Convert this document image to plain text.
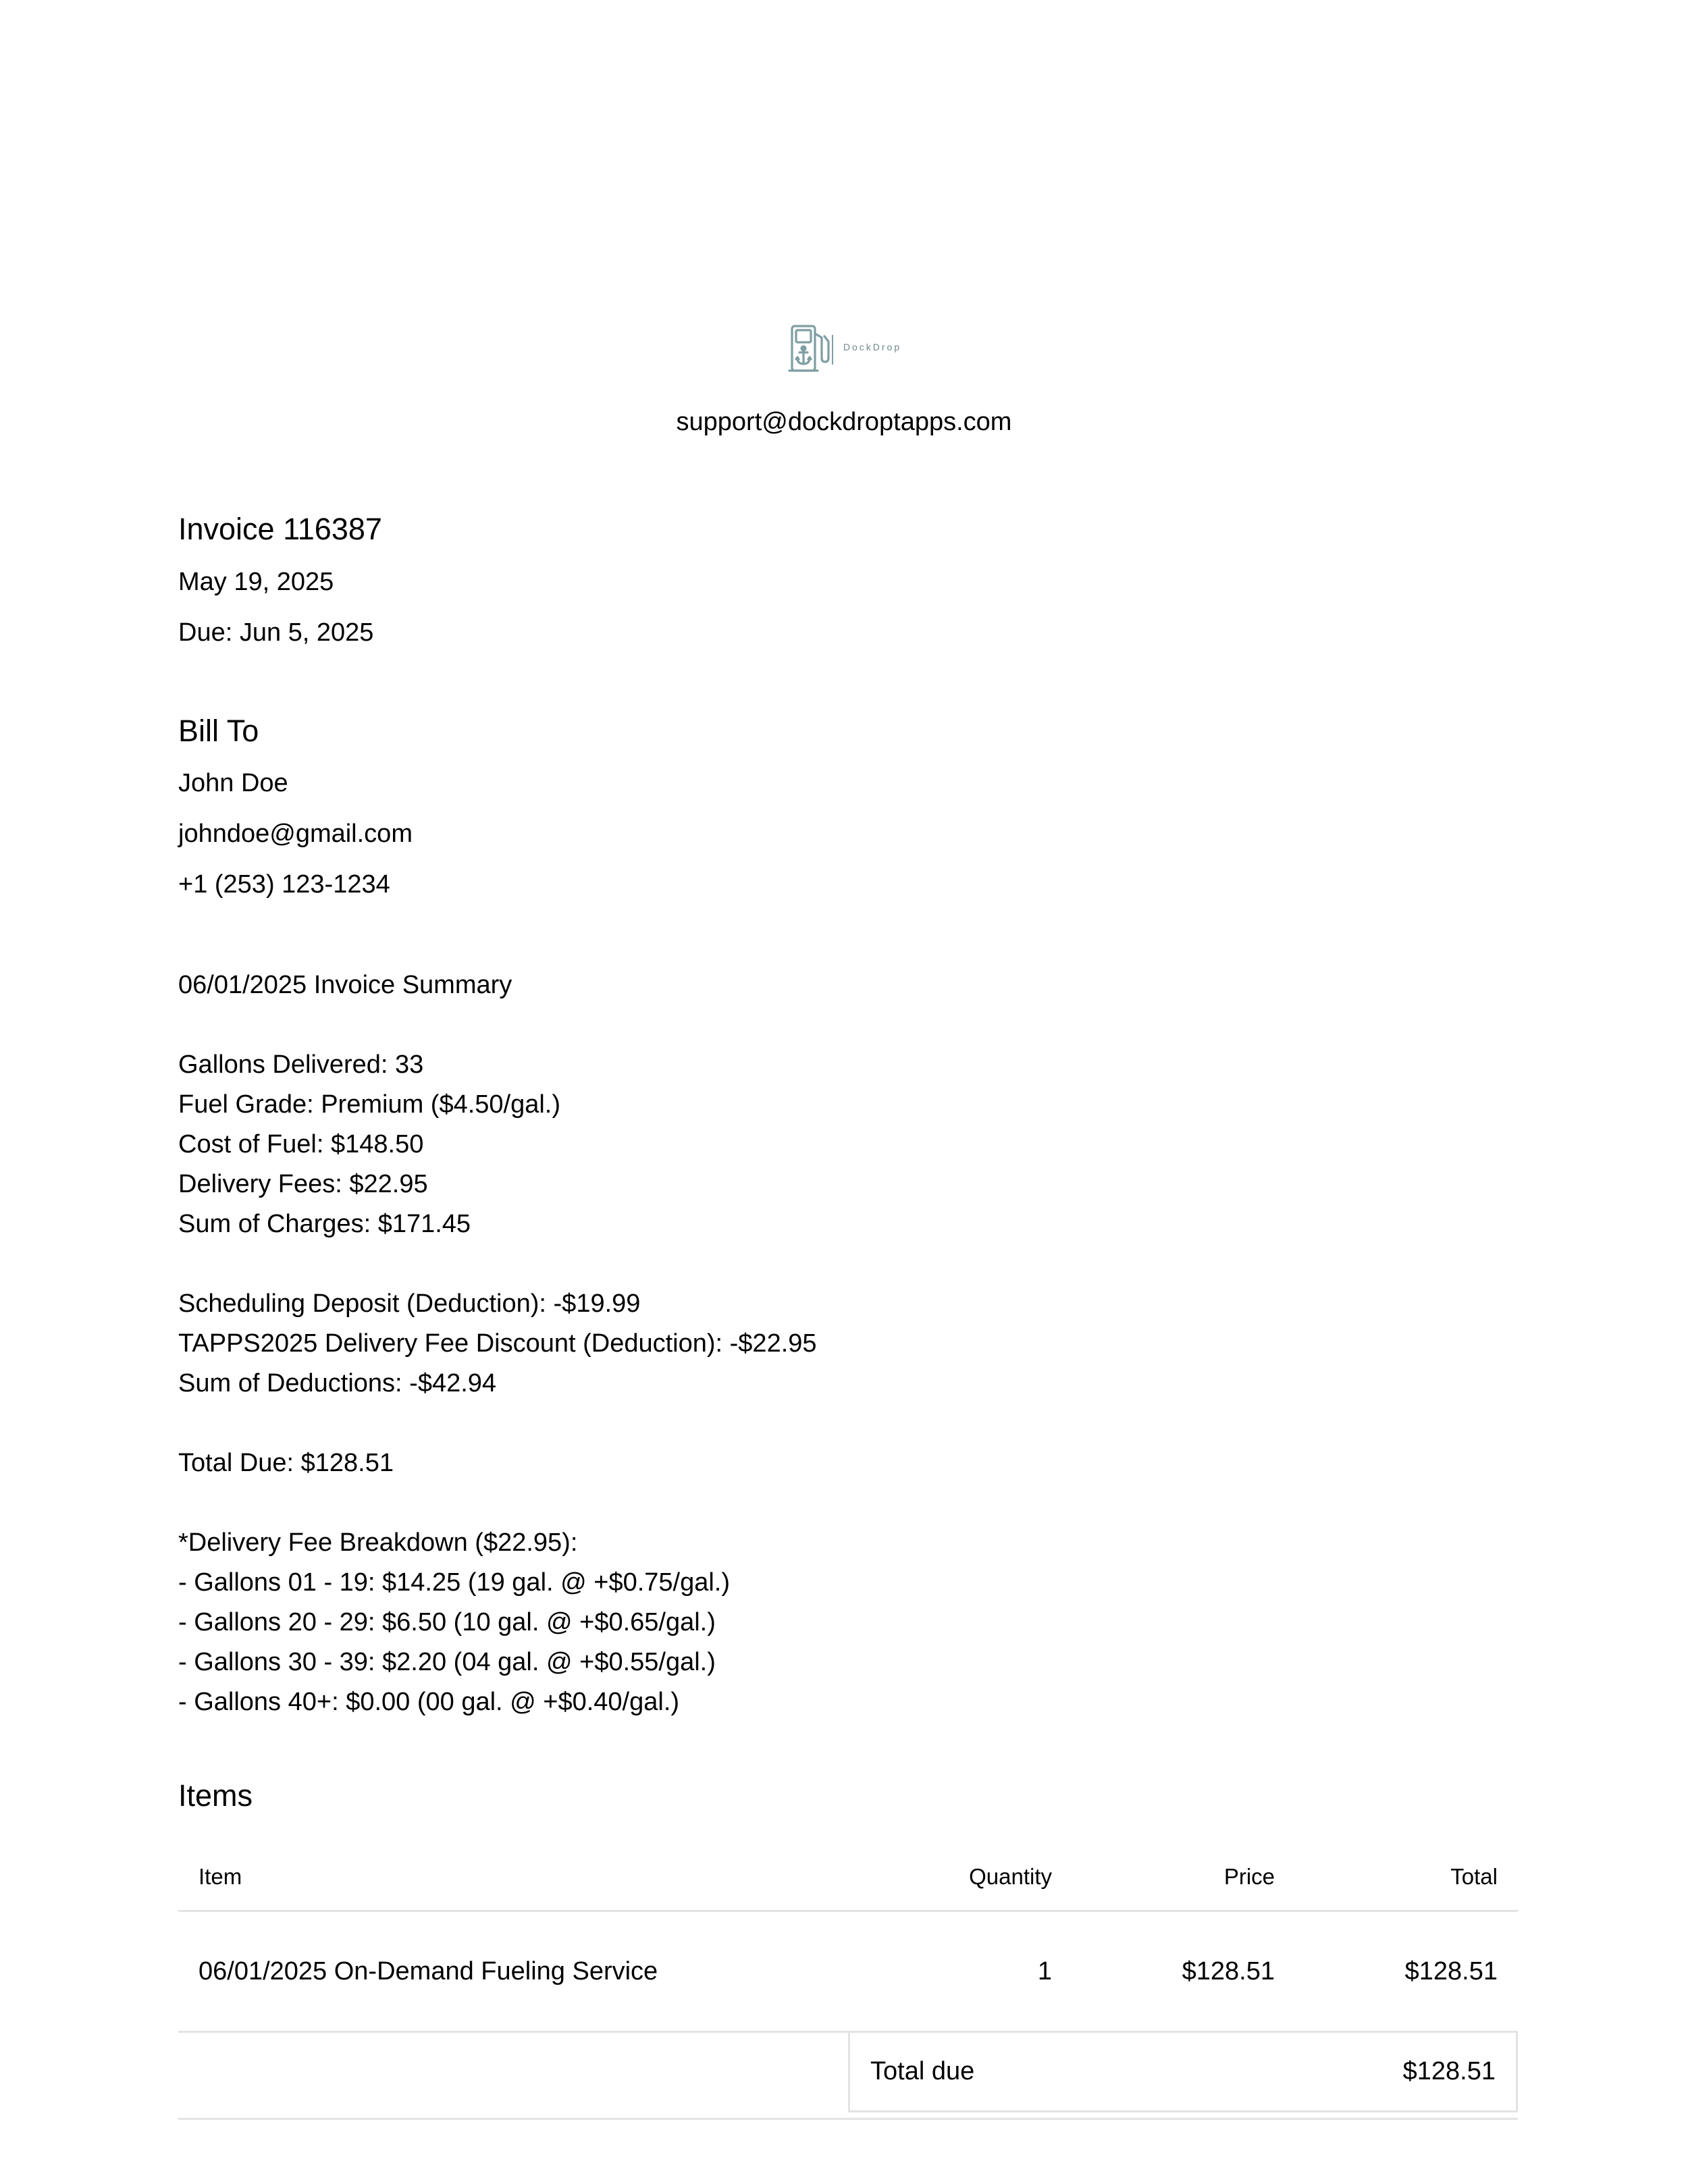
DockDrop
support@dockdroptapps.com
Invoice 116387
May 19, 2025
Due: Jun 5, 2025
Bill To
John Doe
johndoe@gmail.com
+1 (253) 123-1234
06/01/2025 Invoice Summary

Gallons Delivered: 33
Fuel Grade: Premium ($4.50/gal.)
Cost of Fuel: $148.50
Delivery Fees: $22.95
Sum of Charges: $171.45

Scheduling Deposit (Deduction): -$19.99
TAPPS2025 Delivery Fee Discount (Deduction): -$22.95
Sum of Deductions: -$42.94

Total Due: $128.51

*Delivery Fee Breakdown ($22.95):
- Gallons 01 - 19: $14.25 (19 gal. @ +$0.75/gal.)
- Gallons 20 - 29: $6.50 (10 gal. @ +$0.65/gal.)
- Gallons 30 - 39: $2.20 (04 gal. @ +$0.55/gal.)
- Gallons 40+: $0.00 (00 gal. @ +$0.40/gal.)
Items
Item	Quantity	Price	Total
06/01/2025 On-Demand Fueling Service	1	$128.51	$128.51
Total due	$128.51
